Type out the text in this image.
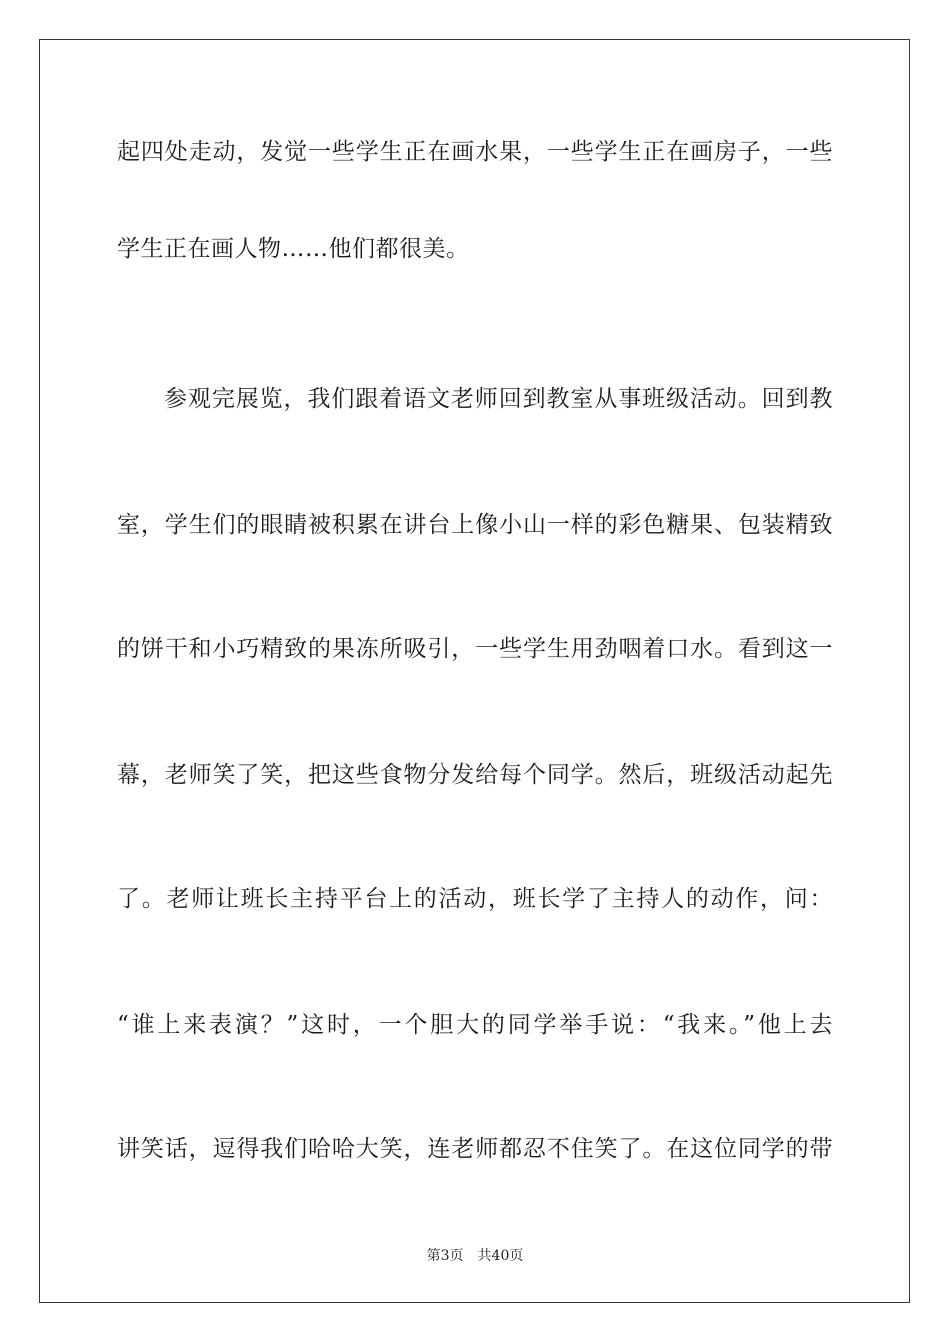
起四处走动，发觉一些学生正在画水果，一些学生正在画房子，一些
学生正在画人物……他们都很美。
参观完展览，我们跟着语文老师回到教室从事班级活动。回到教
室，学生们的眼睛被积累在讲台上像小山一样的彩色糖果、包装精致
的饼干和小巧精致的果冻所吸引，一些学生用劲咽着口水。看到这一
幕，老师笑了笑，把这些食物分发给每个同学。然后，班级活动起先
了。老师让班长主持平台上的活动，班长学了主持人的动作，问：
“谁上来表演？”这时，一个胆大的同学举手说：“我来。”他上去
讲笑话，逗得我们哈哈大笑，连老师都忍不住笑了。在这位同学的带
第3页 共40页
